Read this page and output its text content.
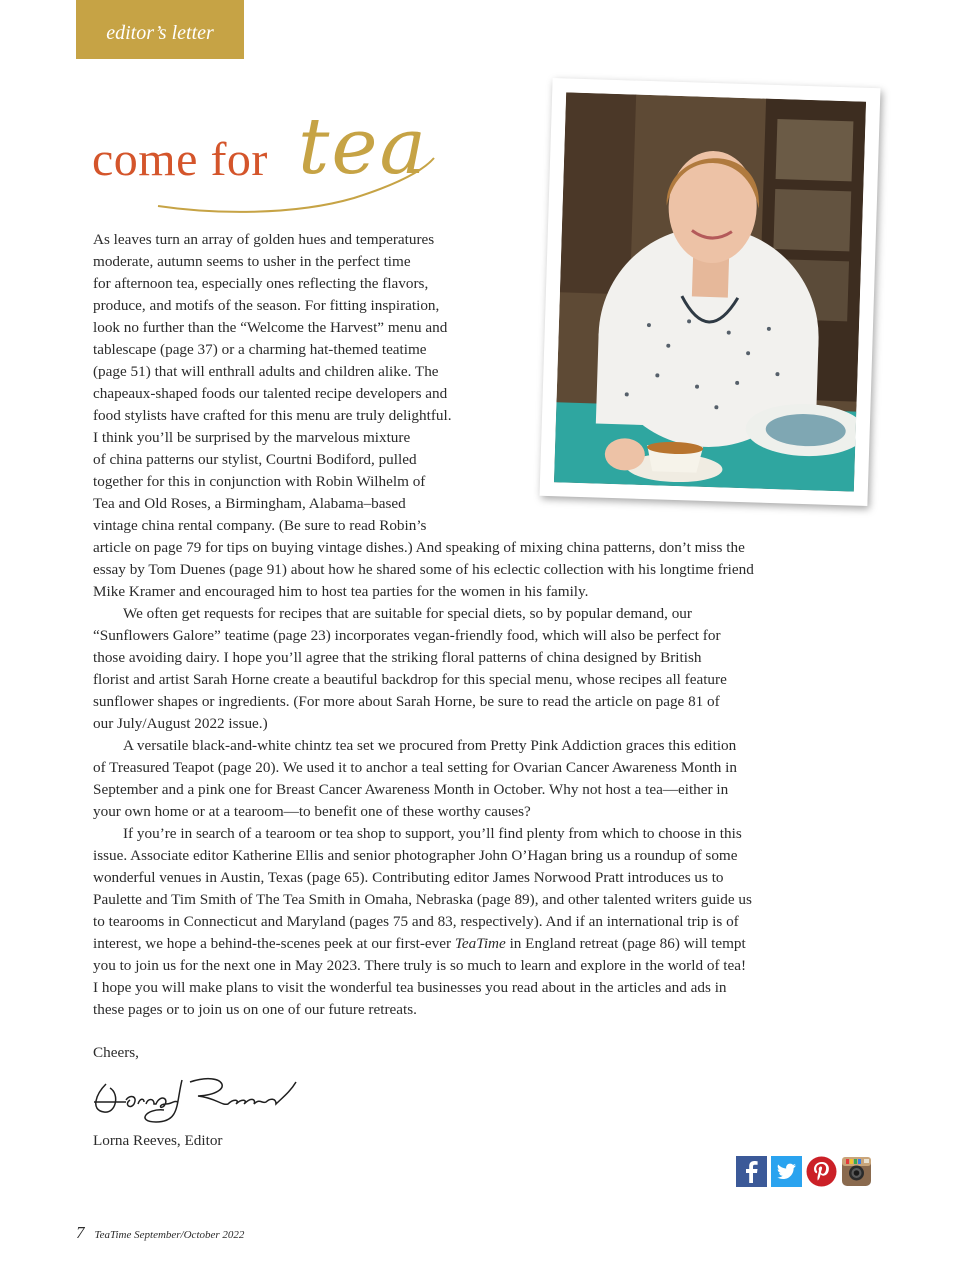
editor’s letter
come for tea
As leaves turn an array of golden hues and temperatures
moderate, autumn seems to usher in the perfect time
for afternoon tea, especially ones reflecting the flavors,
produce, and motifs of the season. For fitting inspiration,
look no further than the “Welcome the Harvest” menu and
tablescape (page 37) or a charming hat-themed teatime
(page 51) that will enthrall adults and children alike. The
chapeaux-shaped foods our talented recipe developers and
food stylists have crafted for this menu are truly delightful.
I think you’ll be surprised by the marvelous mixture
of china patterns our stylist, Courtni Bodiford, pulled
together for this in conjunction with Robin Wilhelm of
Tea and Old Roses, a Birmingham, Alabama–based
vintage china rental company. (Be sure to read Robin’s
article on page 79 for tips on buying vintage dishes.) And speaking of mixing china patterns, don’t miss the
essay by Tom Duenes (page 91) about how he shared some of his eclectic collection with his longtime friend
Mike Kramer and encouraged him to host tea parties for the women in his family.
We often get requests for recipes that are suitable for special diets, so by popular demand, our
“Sunflowers Galore” teatime (page 23) incorporates vegan-friendly food, which will also be perfect for
those avoiding dairy. I hope you’ll agree that the striking floral patterns of china designed by British
florist and artist Sarah Horne create a beautiful backdrop for this special menu, whose recipes all feature
sunflower shapes or ingredients. (For more about Sarah Horne, be sure to read the article on page 81 of
our July/August 2022 issue.)
A versatile black-and-white chintz tea set we procured from Pretty Pink Addiction graces this edition
of Treasured Teapot (page 20). We used it to anchor a teal setting for Ovarian Cancer Awareness Month in
September and a pink one for Breast Cancer Awareness Month in October. Why not host a tea—either in
your own home or at a tearoom—to benefit one of these worthy causes?
If you’re in search of a tearoom or tea shop to support, you’ll find plenty from which to choose in this
issue. Associate editor Katherine Ellis and senior photographer John O’Hagan bring us a roundup of some
wonderful venues in Austin, Texas (page 65). Contributing editor James Norwood Pratt introduces us to
Paulette and Tim Smith of The Tea Smith in Omaha, Nebraska (page 89), and other talented writers guide us
to tearooms in Connecticut and Maryland (pages 75 and 83, respectively). And if an international trip is of
interest, we hope a behind-the-scenes peek at our first-ever TeaTime in England retreat (page 86) will tempt
you to join us for the next one in May 2023. There truly is so much to learn and explore in the world of tea!
I hope you will make plans to visit the wonderful tea businesses you read about in the articles and ads in
these pages or to join us on one of our future retreats.
Cheers,
Lorna Reeves, Editor
7 TeaTime September/October 2022
